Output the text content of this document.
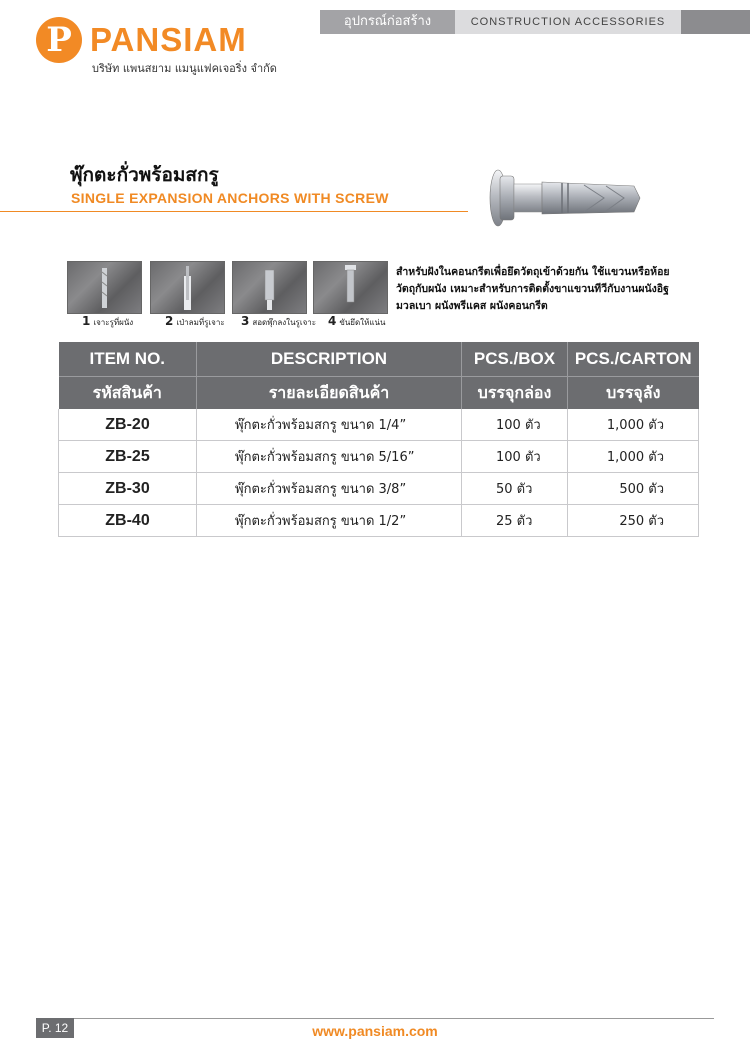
P PANSIAM
บริษัท แพนสยาม แมนูแฟคเจอริ่ง จำกัด
อุปกรณ์ก่อสร้าง	CONSTRUCTION ACCESSORIES
พุ๊กตะกั่วพร้อมสกรู
SINGLE EXPANSION ANCHORS WITH SCREW
1 เจาะรูที่ผนัง	2 เป่าลมที่รูเจาะ 3 สอดพุ๊กลงในรูเจาะ 4 ขันยึดให้แน่น
สำหรับฝังในคอนกรีตเพื่อยึดวัตถุเข้าด้วยกัน ใช้แขวนหรือห้อยวัตถุกับผนัง เหมาะสำหรับการติดตั้งขาแขวนทีวีกับงานผนังอิฐมวลเบา ผนังพรีแคส ผนังคอนกรีต
ITEM NO.	DESCRIPTION	PCS./BOX	PCS./CARTON
รหัสสินค้า	รายละเอียดสินค้า	บรรจุกล่อง	บรรจุลัง
ZB-20	พุ๊กตะกั่วพร้อมสกรู ขนาด 1/4”	100 ตัว	1,000 ตัว
ZB-25	พุ๊กตะกั่วพร้อมสกรู ขนาด 5/16”	100 ตัว	1,000 ตัว
ZB-30	พุ๊กตะกั่วพร้อมสกรู ขนาด 3/8”	50 ตัว	500 ตัว
ZB-40	พุ๊กตะกั่วพร้อมสกรู ขนาด 1/2”	25 ตัว	250 ตัว
P. 12	www.pansiam.com
